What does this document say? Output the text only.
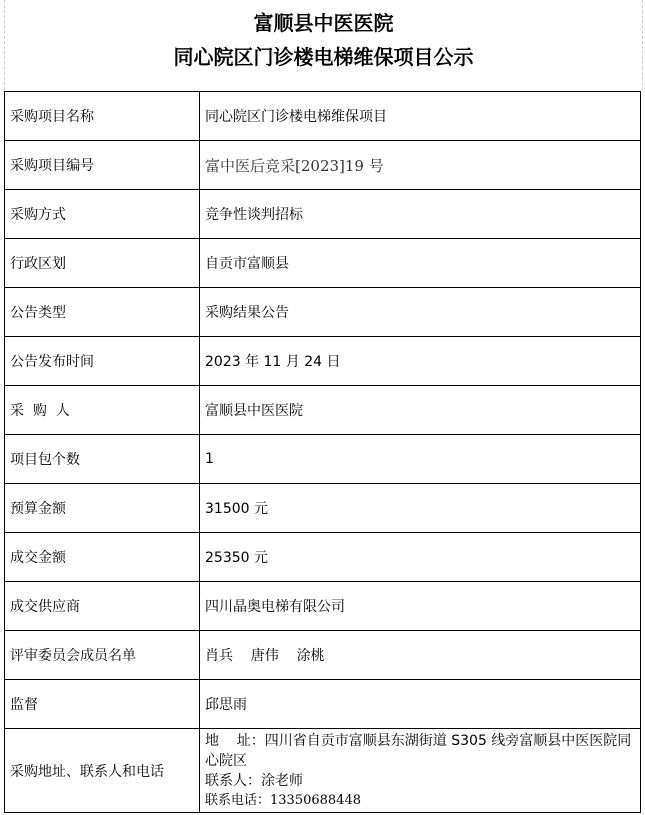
富顺县中医医院
同心院区门诊楼电梯维保项目公示
采购项目名称	同心院区门诊楼电梯维保项目
采购项目编号	富中医后竞采[2023]19 号
采购方式	竞争性谈判招标
行政区划	自贡市富顺县
公告类型	采购结果公告
公告发布时间	2023 年 11 月 24 日
采  购  人	富顺县中医医院
项目包个数	1
预算金额	31500 元
成交金额	25350 元
成交供应商	四川晶奥电梯有限公司
评审委员会成员名单	肖兵    唐伟    涂桃
监督	邱思雨
采购地址、联系人和电话	地    址：四川省自贡市富顺县东湖街道 S305 线旁富顺县中医医院同心院区
联系人：涂老师
联系电话：13350688448
